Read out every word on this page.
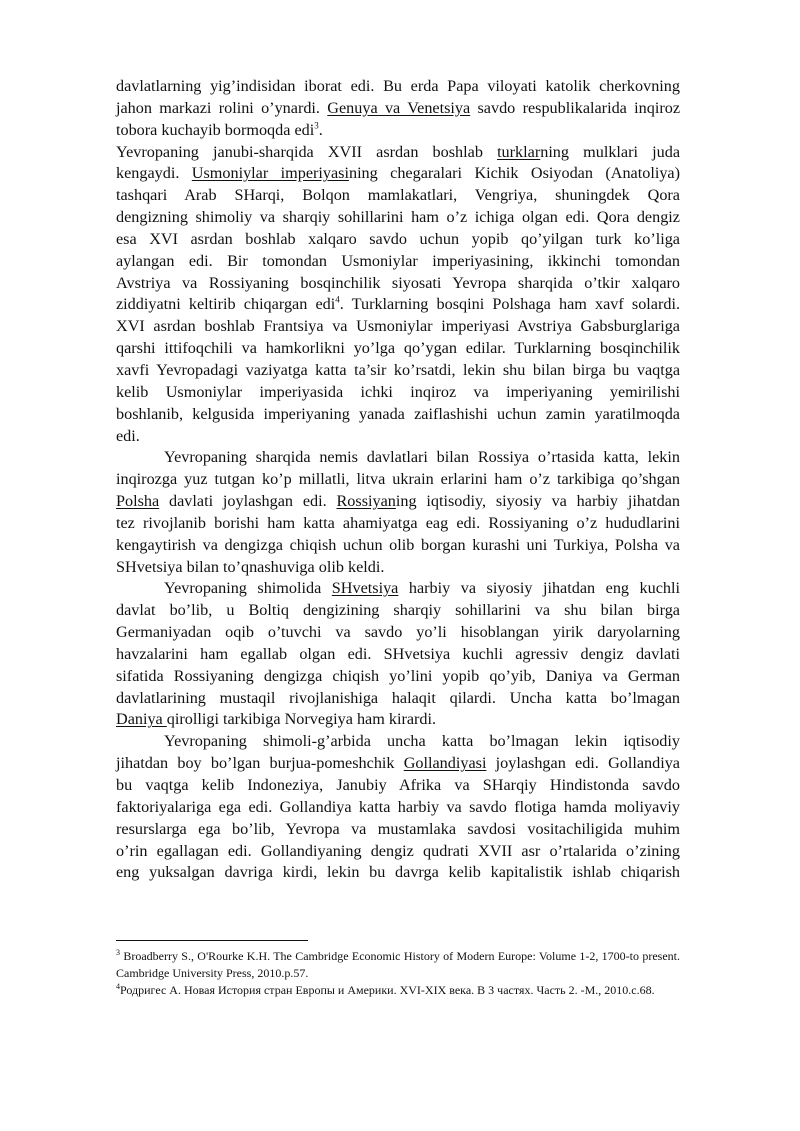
davlatlarning yig’indisidan iborat edi. Bu erda Papa viloyati katolik cherkovning
jahon markazi rolini o’ynardi. Genuya va Venetsiya savdo respublikalarida inqiroz
tobora kuchayib bormoqda edi$^3$.
Yevropaning janubi-sharqida XVII asrdan boshlab turklarning mulklari juda
kengaydi. Usmoniylar imperiyasining chegaralari Kichik Osiyodan (Anatoliya)
tashqari Arab SHarqi, Bolqon mamlakatlari, Vengriya, shuningdek Qora
dengizning shimoliy va sharqiy sohillarini ham o’z ichiga olgan edi. Qora dengiz
esa XVI asrdan boshlab xalqaro savdo uchun yopib qo’yilgan turk ko’liga
aylangan edi. Bir tomondan Usmoniylar imperiyasining, ikkinchi tomondan
Avstriya va Rossiyaning bosqinchilik siyosati Yevropa sharqida o’tkir xalqaro
ziddiyatni keltirib chiqargan edi$^4$. Turklarning bosqini Polshaga ham xavf solardi.
XVI asrdan boshlab Frantsiya va Usmoniylar imperiyasi Avstriya Gabsburglariga
qarshi ittifoqchili va hamkorlikni yo’lga qo’ygan edilar. Turklarning bosqinchilik
xavfi Yevropadagi vaziyatga katta ta’sir ko’rsatdi, lekin shu bilan birga bu vaqtga
kelib Usmoniylar imperiyasida ichki inqiroz va imperiyaning yemirilishi
boshlanib, kelgusida imperiyaning yanada zaiflashishi uchun zamin yaratilmoqda
edi.
Yevropaning sharqida nemis davlatlari bilan Rossiya o’rtasida katta, lekin
inqirozga yuz tutgan ko’p millatli, litva ukrain erlarini ham o’z tarkibiga qo’shgan
Polsha davlati joylashgan edi. Rossiyaning iqtisodiy, siyosiy va harbiy jihatdan
tez rivojlanib borishi ham katta ahamiyatga eag edi. Rossiyaning o’z hududlarini
kengaytirish va dengizga chiqish uchun olib borgan kurashi uni Turkiya, Polsha va
SHvetsiya bilan to’qnashuviga olib keldi.
Yevropaning shimolida SHvetsiya harbiy va siyosiy jihatdan eng kuchli
davlat bo’lib, u Boltiq dengizining sharqiy sohillarini va shu bilan birga
Germaniyadan oqib o’tuvchi va savdo yo’li hisoblangan yirik daryolarning
havzalarini ham egallab olgan edi. SHvetsiya kuchli agressiv dengiz davlati
sifatida Rossiyaning dengizga chiqish yo’lini yopib qo’yib, Daniya va German
davlatlarining mustaqil rivojlanishiga halaqit qilardi. Uncha katta bo’lmagan
Daniya qirolligi tarkibiga Norvegiya ham kirardi.
Yevropaning shimoli-g’arbida uncha katta bo’lmagan lekin iqtisodiy
jihatdan boy bo’lgan burjua-pomeshchik Gollandiyasi joylashgan edi. Gollandiya
bu vaqtga kelib Indoneziya, Janubiy Afrika va SHarqiy Hindistonda savdo
faktoriyalariga ega edi. Gollandiya katta harbiy va savdo flotiga hamda moliyaviy
resurslarga ega bo’lib, Yevropa va mustamlaka savdosi vositachiligida muhim
o’rin egallagan edi. Gollandiyaning dengiz qudrati XVII asr o’rtalarida o’zining
eng yuksalgan davriga kirdi, lekin bu davrga kelib kapitalistik ishlab chiqarish
$^3$ Broadberry S., O'Rourke K.H. The Cambridge Economic History of Modern Europe: Volume 1-2, 1700-to present.
Cambridge University Press, 2010.p.57.
$^4$Родригес А. Новая История стран Европы и Америки. XVI-XIX века. В 3 частях. Часть 2. -М., 2010.с.68.
